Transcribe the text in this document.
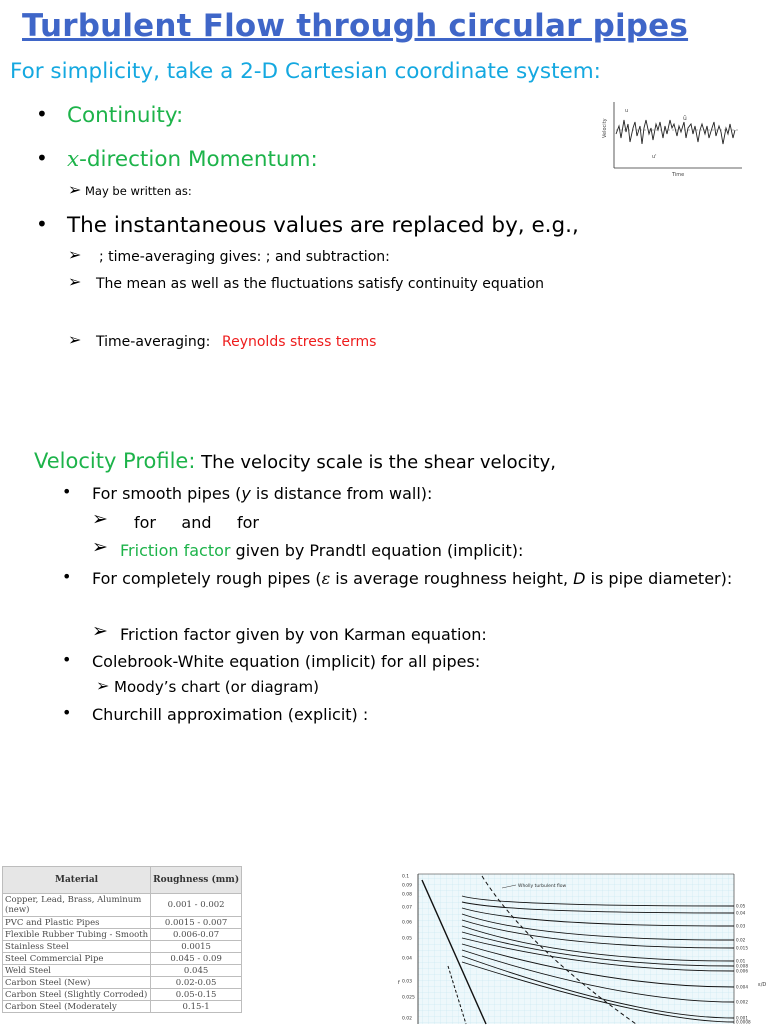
Turbulent Flow through circular pipes
For simplicity, take a 2-D Cartesian coordinate system:
• Continuity:
• x-direction Momentum:
➢ May be written as:
• The instantaneous values are replaced by, e.g.,
➢ ; time-averaging gives: ; and subtraction:
➢ The mean as well as the fluctuations satisfy continuity equation
➢ Time-averaging: Reynolds stress terms
Velocity
Time
u
ū
u'
Velocity Profile: The velocity scale is the shear velocity,
• For smooth pipes (y is distance from wall):
➢ for     and     for
➢ Friction factor given by Prandtl equation (implicit):
• For completely rough pipes (ε is average roughness height, D is pipe diameter):
➢ Friction factor given by von Karman equation:
• Colebrook-White equation (implicit) for all pipes:
➢ Moody’s chart (or diagram)
• Churchill approximation (explicit) :
Material	Roughness (mm)
Copper, Lead, Brass, Aluminum (new)	0.001 - 0.002
PVC and Plastic Pipes	0.0015 - 0.007
Flexible Rubber Tubing - Smooth	0.006-0.07
Stainless Steel	0.0015
Steel Commercial Pipe	0.045 - 0.09
Weld Steel	0.045
Carbon Steel (New)	0.02-0.05
Carbon Steel (Slightly Corroded)	0.05-0.15
Carbon Steel (Moderately	0.15-1
0.1
0.09
0.08
0.07
0.06
0.05
0.04
0.03
0.025
0.02
0.05
0.04
0.03
0.02
0.015
0.01
0.008
0.006
0.004
0.002
0.001
0.0008
Wholly turbulent flow
f	ε/D
